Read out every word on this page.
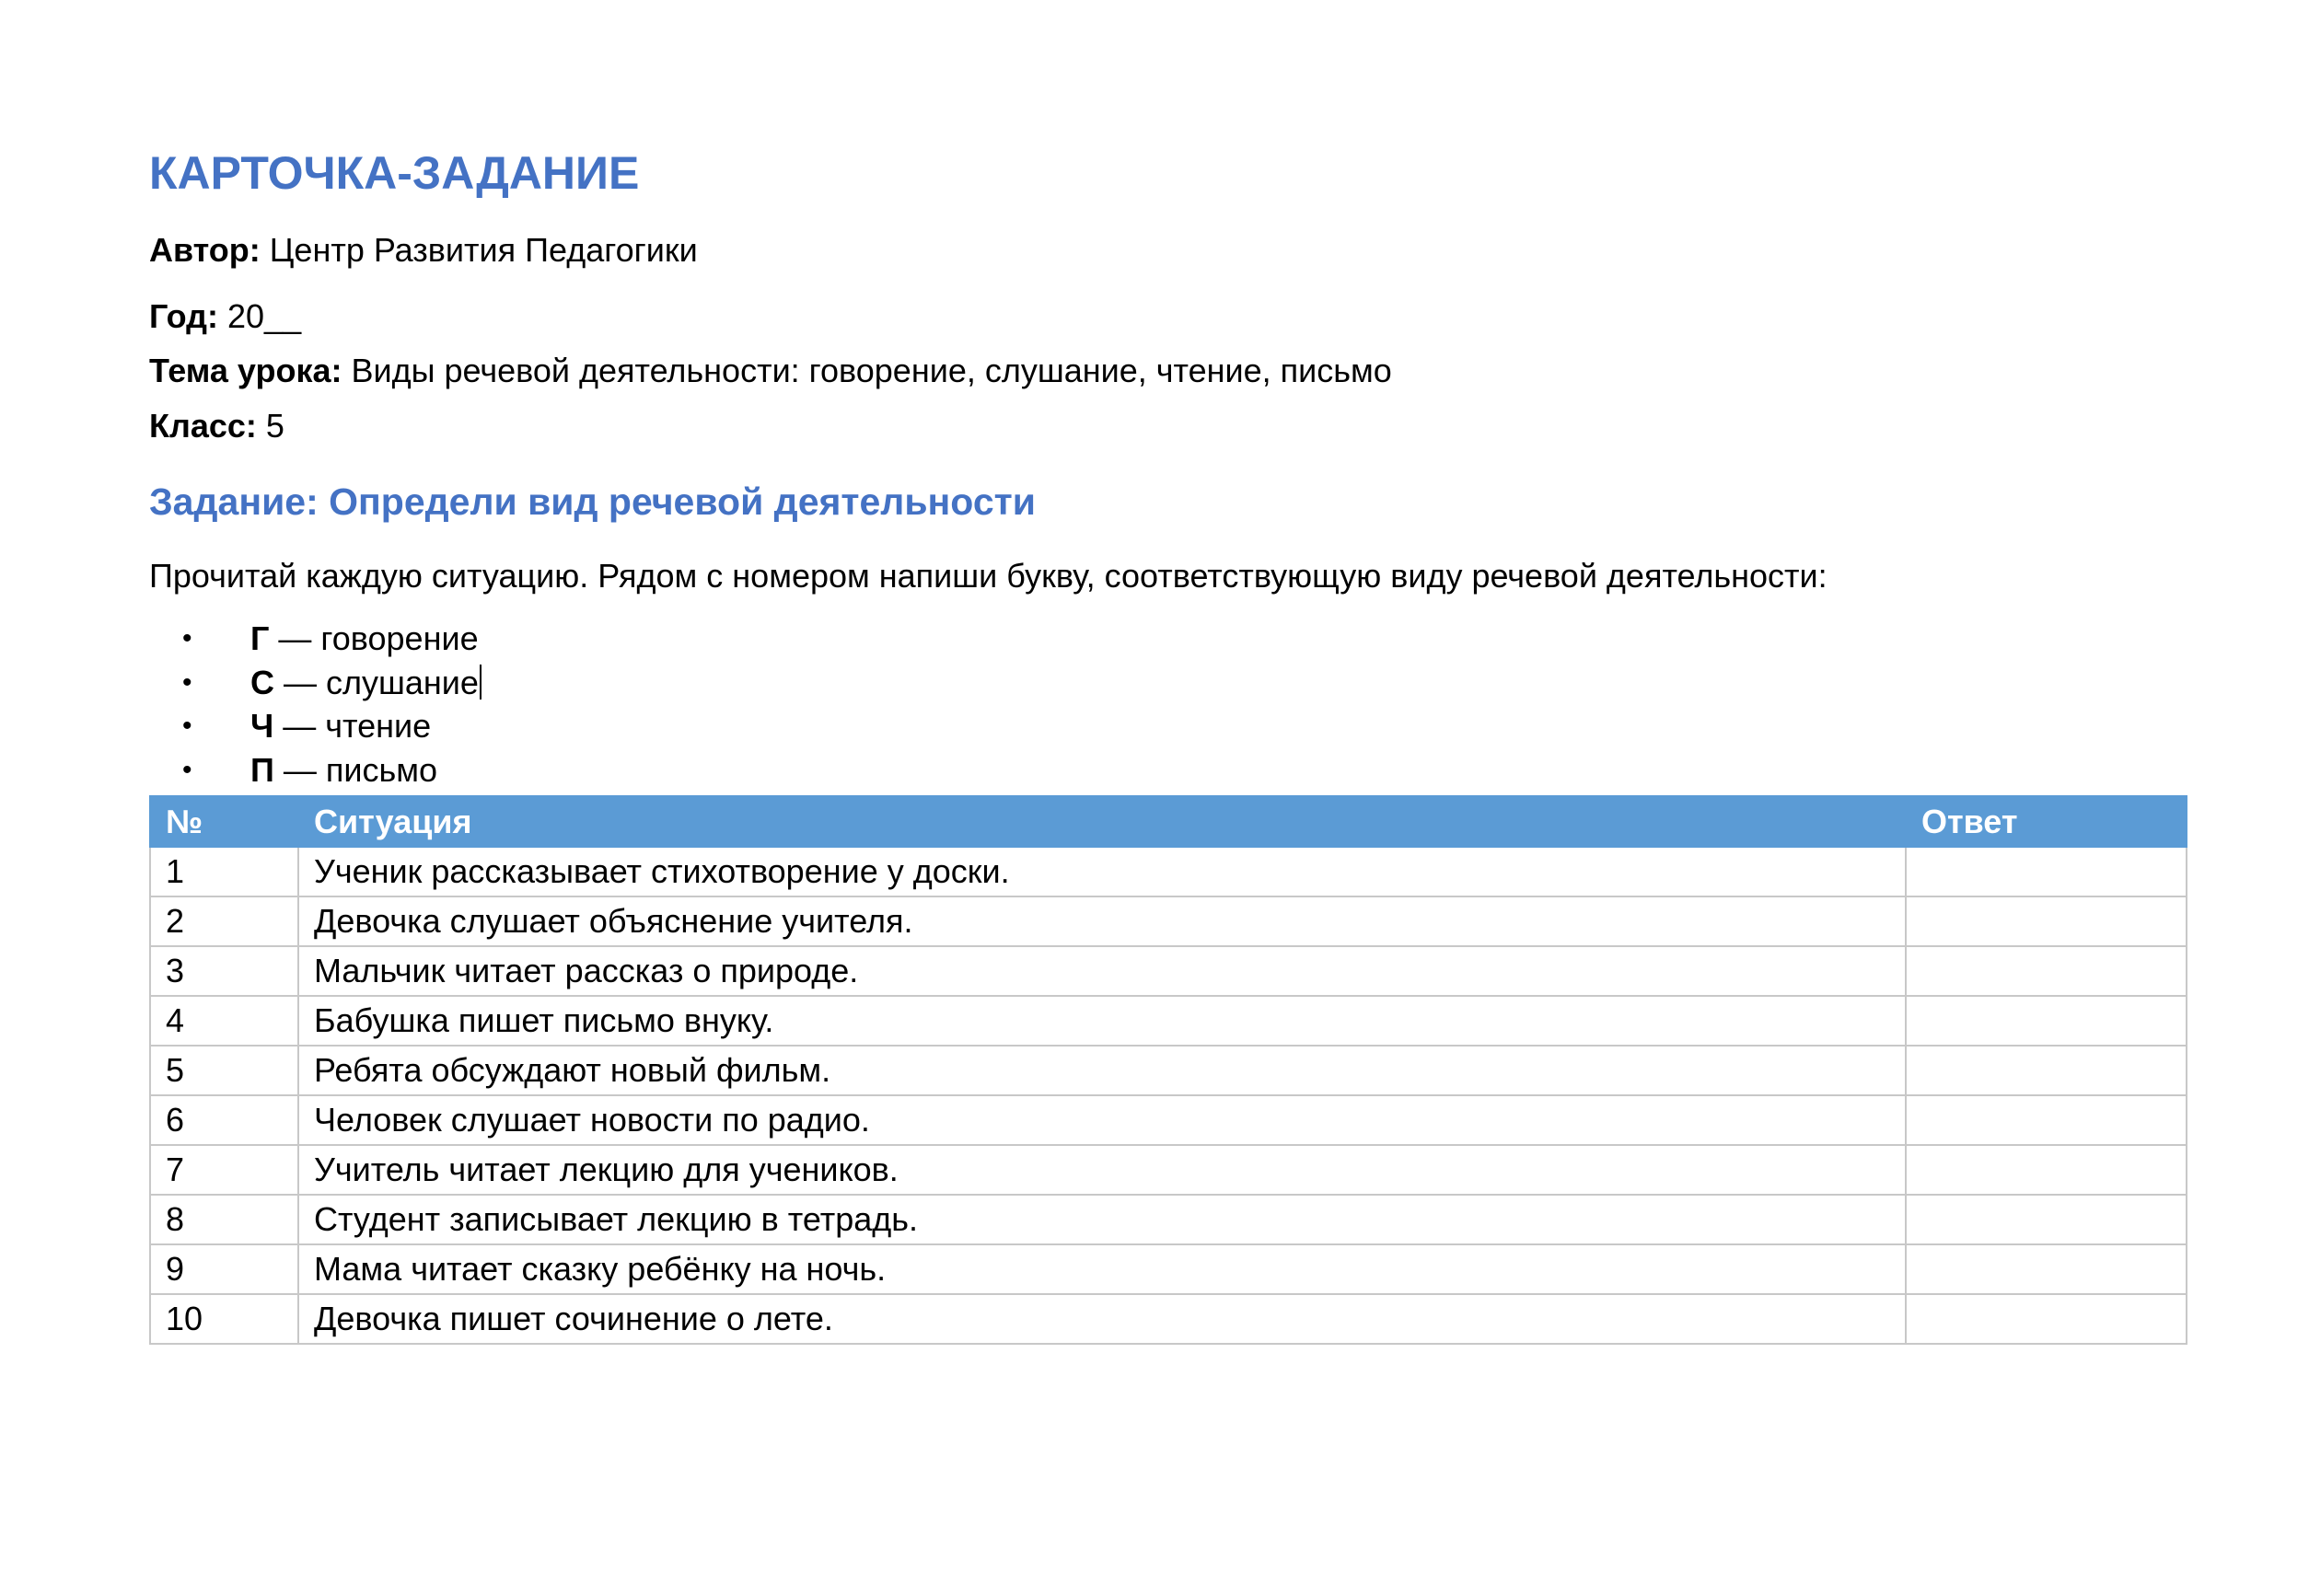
КАРТОЧКА-ЗАДАНИЕ

Автор: Центр Развития Педагогики

Год: 20__

Тема урока: Виды речевой деятельности: говорение, слушание, чтение, письмо

Класс: 5

Задание: Определи вид речевой деятельности

Прочитай каждую ситуацию. Рядом с номером напиши букву, соответствующую виду речевой деятельности:

• Г — говорение
• С — слушание
• Ч — чтение
• П — письмо
№	Ситуация	Ответ
1	Ученик рассказывает стихотворение у доски.	
2	Девочка слушает объяснение учителя.	
3	Мальчик читает рассказ о природе.	
4	Бабушка пишет письмо внуку.	
5	Ребята обсуждают новый фильм.	
6	Человек слушает новости по радио.	
7	Учитель читает лекцию для учеников.	
8	Студент записывает лекцию в тетрадь.	
9	Мама читает сказку ребёнку на ночь.	
10	Девочка пишет сочинение о лете.	
